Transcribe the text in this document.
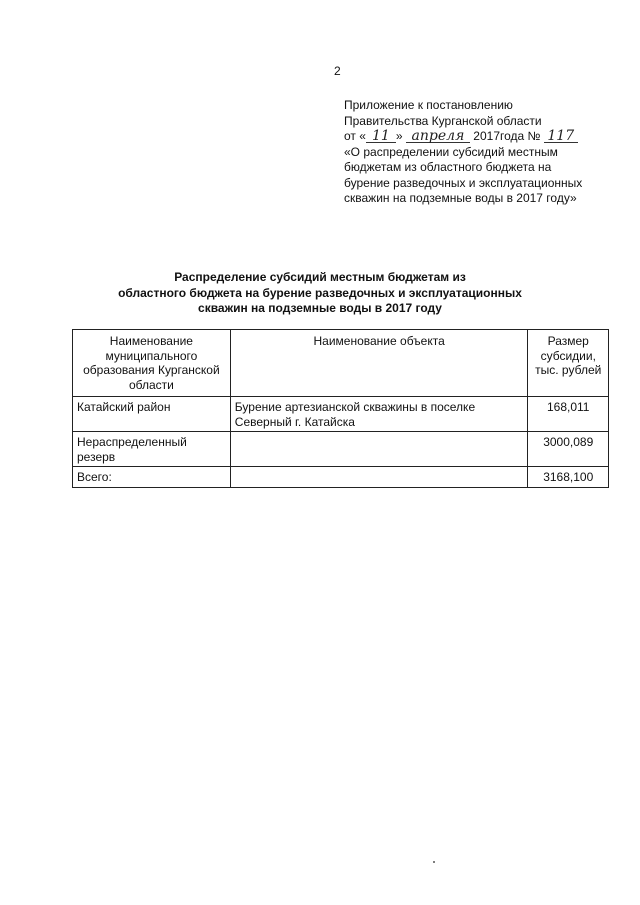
2
Приложение к постановлению
Правительства Курганской области
от « 11 » апреля 2017года № 117
«О распределении субсидий местным
бюджетам из областного бюджета на
бурение разведочных и эксплуатационных
скважин на подземные воды в 2017 году»
Распределение субсидий местным бюджетам из
областного бюджета на бурение разведочных и эксплуатационных
скважин на подземные воды в 2017 году
Наименование муниципального образования Курганской области	Наименование объекта	Размер субсидии, тыс. рублей
Катайский район	Бурение артезианской скважины в поселке Северный г. Катайска	168,011
Нераспределенный резерв		3000,089
Всего:		3168,100
